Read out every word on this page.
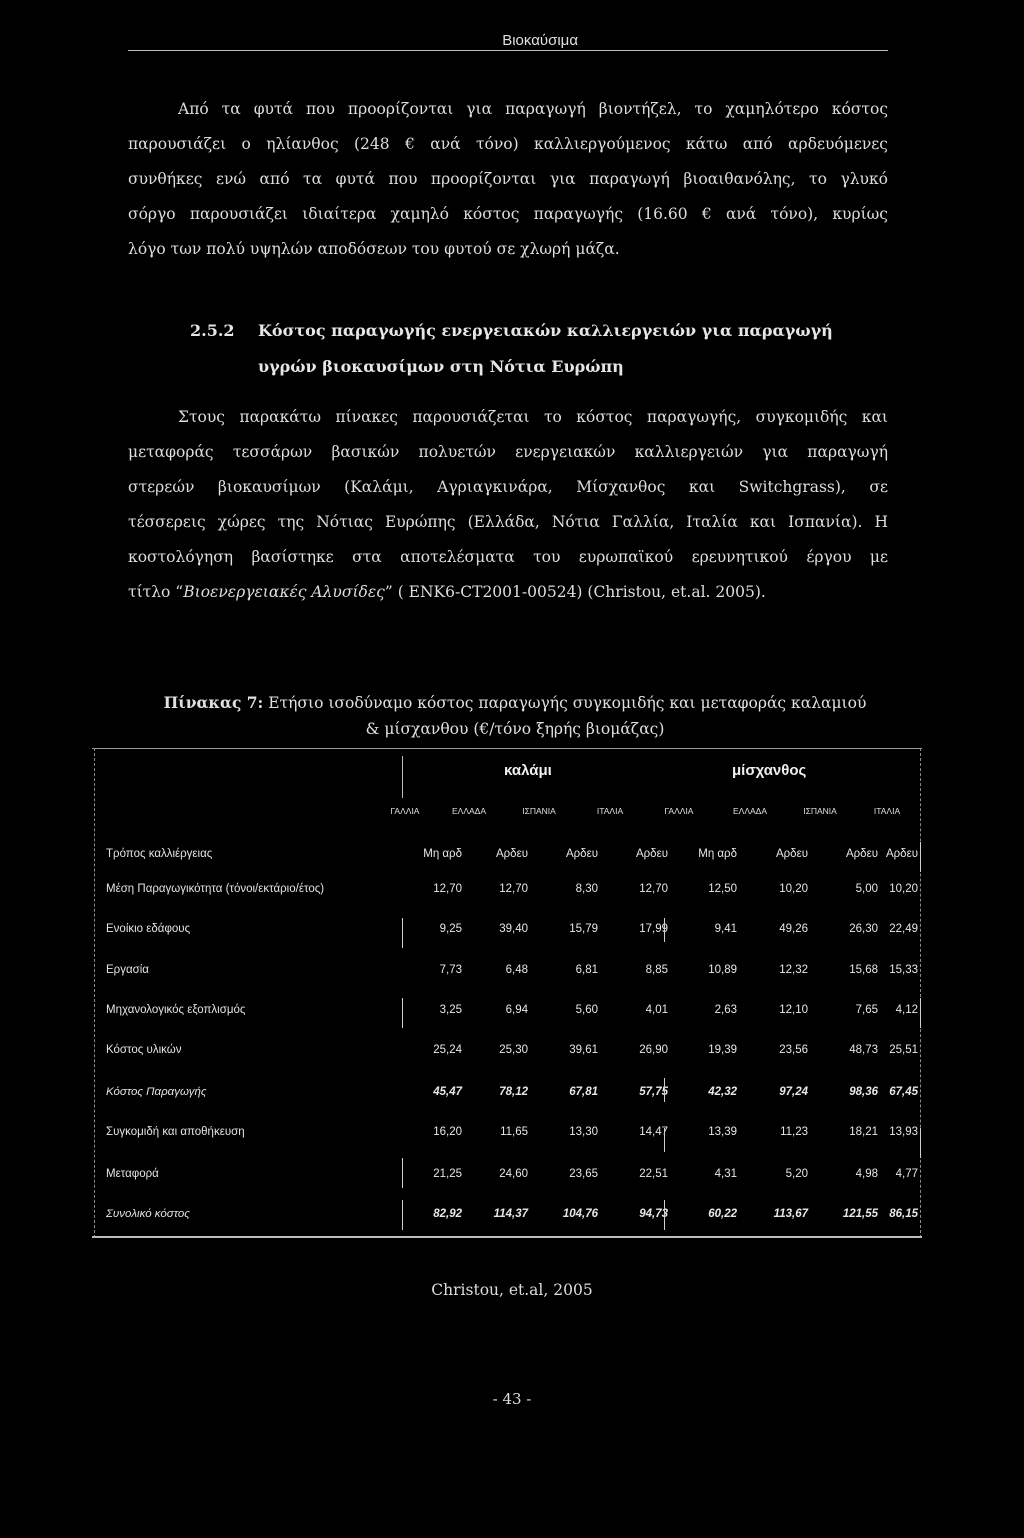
Βιοκαύσιμα
Από τα φυτά που προορίζονται για παραγωγή βιοντήζελ, το χαμηλότερο κόστος
παρουσιάζει ο ηλίανθος (248 € ανά τόνο) καλλιεργούμενος κάτω από αρδευόμενες
συνθήκες ενώ από τα φυτά που προορίζονται για παραγωγή βιοαιθανόλης, το γλυκό
σόργο παρουσιάζει ιδιαίτερα χαμηλό κόστος παραγωγής (16.60 € ανά τόνο), κυρίως
λόγο των πολύ υψηλών αποδόσεων του φυτού σε χλωρή μάζα.
2.5.2 Κόστος παραγωγής ενεργειακών καλλιεργειών για παραγωγή
υγρών βιοκαυσίμων στη Νότια Ευρώπη
Στους παρακάτω πίνακες παρουσιάζεται το κόστος παραγωγής, συγκομιδής και
μεταφοράς τεσσάρων βασικών πολυετών ενεργειακών καλλιεργειών για παραγωγή
στερεών βιοκαυσίμων (Καλάμι, Αγριαγκινάρα, Μίσχανθος και Switchgrass), σε
τέσσερεις χώρες της Νότιας Ευρώπης (Ελλάδα, Νότια Γαλλία, Ιταλία και Ισπανία). Η
κοστολόγηση βασίστηκε στα αποτελέσματα του ευρωπαϊκού ερευνητικού έργου με
τίτλο “Βιοενεργειακές Αλυσίδες” ( ENK6-CT2001-00524) (Christou, et.al. 2005).
Πίνακας 7: Ετήσιο ισοδύναμο κόστος παραγωγής συγκομιδής και μεταφοράς καλαμιού
& μίσχανθου (€/τόνο ξηρής βιομάζας)
καλάμι	μίσχανθος
ΓΑΛΛΙΑ	ΕΛΛΑΔΑ	ΙΣΠΑΝΙΑ	ΙΤΑΛΙΑ	ΓΑΛΛΙΑ	ΕΛΛΑΔΑ	ΙΣΠΑΝΙΑ	ΙΤΑΛΙΑ
Τρόπος καλλιέργειας	Μη αρδ	Αρδευ	Αρδευ	Αρδευ	Μη αρδ	Αρδευ	Αρδευ Αρδευ
Μέση Παραγωγικότητα (τόνοι/εκτάριο/έτος)	12,70	12,70	8,30	12,70	12,50	10,20	5,00 10,20
Ενοίκιο εδάφους	9,25	39,40	15,79	17,99	9,41	49,26	26,30 22,49
Εργασία	7,73	6,48	6,81	8,85	10,89	12,32	15,68 15,33
Μηχανολογικός εξοπλισμός	3,25	6,94	5,60	4,01	2,63	12,10	7,65	4,12
Κόστος υλικών	25,24	25,30	39,61	26,90	19,39	23,56	48,73 25,51
Κόστος Παραγωγής	45,47	78,12	67,81	57,75	42,32	97,24	98,36 67,45
Συγκομιδή και αποθήκευση	16,20	11,65	13,30	14,47	13,39	11,23	18,21 13,93
Μεταφορά	21,25	24,60	23,65	22,51	4,31	5,20	4,98	4,77
Συνολικό κόστος	82,92	114,37	104,76	94,73	60,22	113,67	121,55 86,15
Christou, et.al, 2005
- 43 -
